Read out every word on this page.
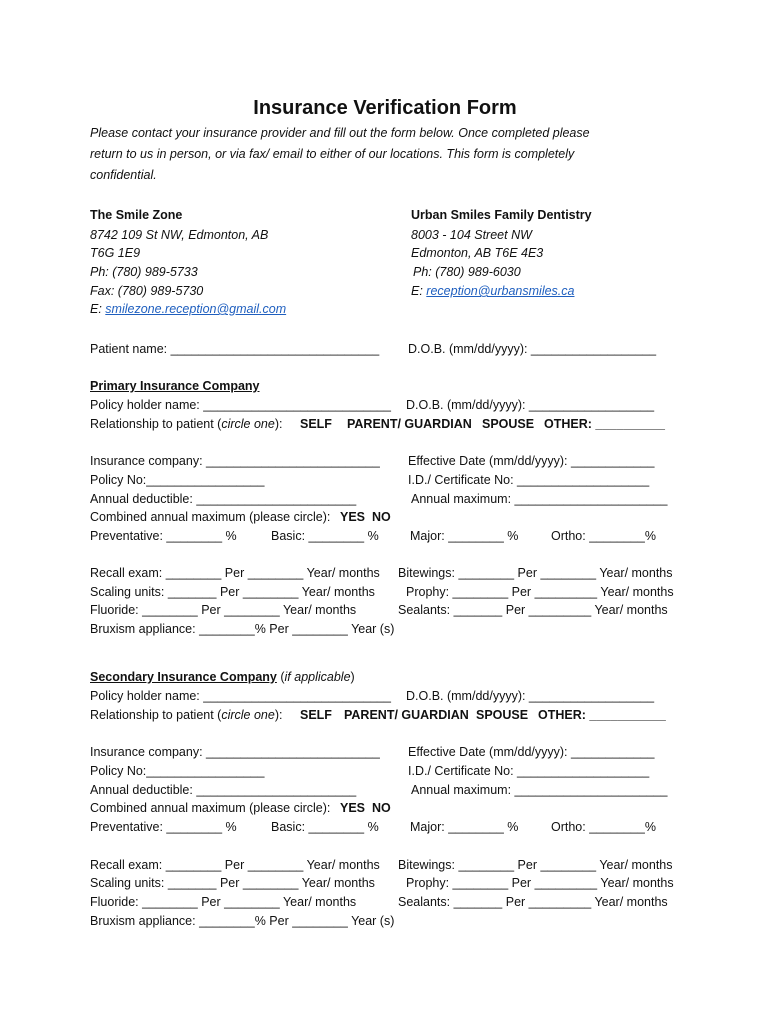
Insurance Verification Form
Please contact your insurance provider and fill out the form below. Once completed please
return to us in person, or via fax/ email to either of our locations. This form is completely
confidential.
The Smile Zone
8742 109 St NW, Edmonton, AB
T6G 1E9
Ph: (780) 989-5733
Fax: (780) 989-5730
E: smilezone.reception@gmail.com
Urban Smiles Family Dentistry
8003 - 104 Street NW
Edmonton, AB T6E 4E3
Ph: (780) 989-6030
E: reception@urbansmiles.ca
Patient name: ______________________________ D.O.B. (mm/dd/yyyy): __________________
Primary Insurance Company
Policy holder name: ___________________________ D.O.B. (mm/dd/yyyy): __________________
Relationship to patient (circle one): SELF PARENT/ GUARDIAN SPOUSE OTHER: __________
Insurance company: _________________________ Effective Date (mm/dd/yyyy): ____________
Policy No:_________________	I.D./ Certificate No: ___________________
Annual deductible: _______________________	Annual maximum: ______________________
Combined annual maximum (please circle): YES NO
Preventative: ________ %	Basic: ________ %	Major: ________ %	Ortho: ________%
Recall exam: ________ Per ________ Year/ months Bitewings: ________ Per ________ Year/ months
Scaling units: _______ Per ________ Year/ months Prophy: ________ Per _________ Year/ months
Fluoride: ________ Per ________ Year/ months	Sealants: _______ Per _________ Year/ months
Bruxism appliance: ________% Per ________ Year (s)
Secondary Insurance Company (if applicable)
Policy holder name: ___________________________ D.O.B. (mm/dd/yyyy): __________________
Relationship to patient (circle one): SELF PARENT/ GUARDIAN SPOUSE OTHER: ___________
Insurance company: _________________________ Effective Date (mm/dd/yyyy): ____________
Policy No:_________________	I.D./ Certificate No: ___________________
Annual deductible: _______________________	Annual maximum: ______________________
Combined annual maximum (please circle): YES NO
Preventative: ________ %	Basic: ________ %	Major: ________ %	Ortho: ________%
Recall exam: ________ Per ________ Year/ months Bitewings: ________ Per ________ Year/ months
Scaling units: _______ Per ________ Year/ months Prophy: ________ Per _________ Year/ months
Fluoride: ________ Per ________ Year/ months	Sealants: _______ Per _________ Year/ months
Bruxism appliance: ________% Per ________ Year (s)
